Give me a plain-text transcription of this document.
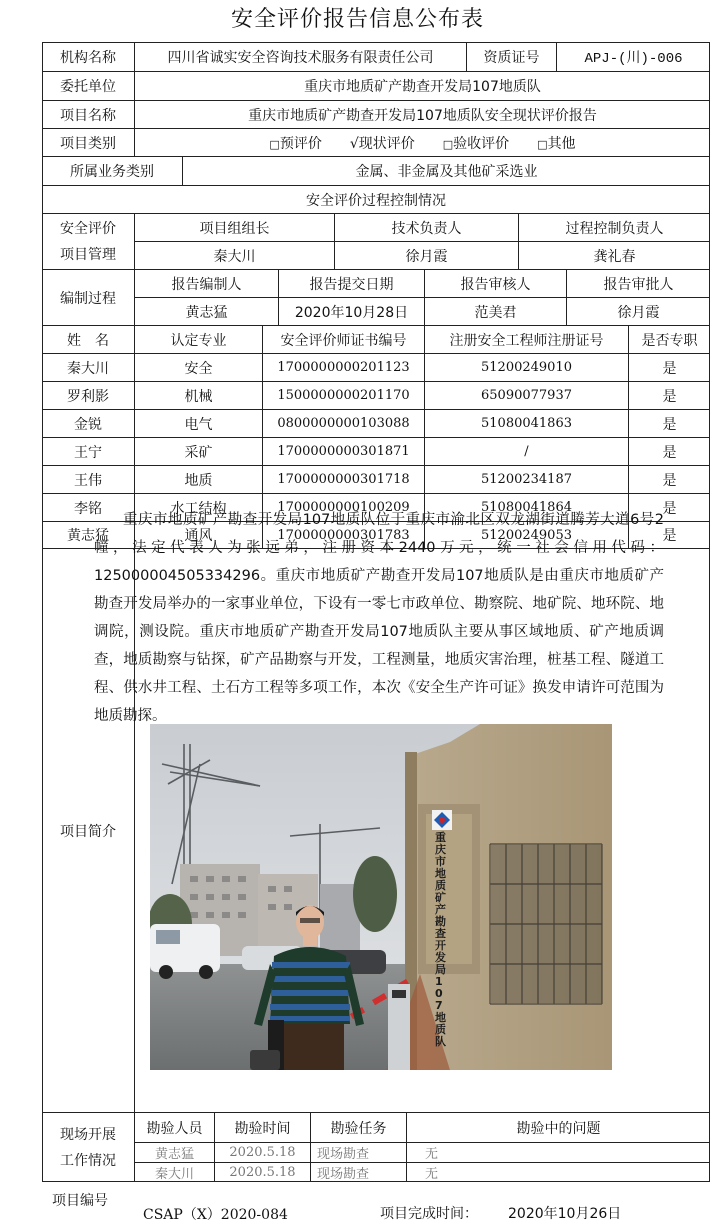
安全评价报告信息公布表
机构名称	四川省诚实安全咨询技术服务有限责任公司	资质证号	APJ-(川)-006
委托单位	重庆市地质矿产勘查开发局107地质队
项目名称	重庆市地质矿产勘查开发局107地质队安全现状评价报告
项目类别	□预评价 √现状评价	□验收评价	□其他
所属业务类别	金属、非金属及其他矿采选业
安全评价过程控制情况
安全评价
项目管理
项目组组长	技术负责人	过程控制负责人
秦大川	徐月霞	龚礼春
编制过程
报告编制人	报告提交日期	报告审核人	报告审批人
黄志猛	2020年10月28日	范美君	徐月霞
姓　名	认定专业	安全评价师证书编号	注册安全工程师注册证号	是否专职
秦大川	安全	1700000000201123	51200249010	是
罗利影	机械	1500000000201170	65090077937	是
金锐	电气	0800000000103088	51080041863	是
王宁	采矿	1700000000301871	/	是
王伟	地质	1700000000301718	51200234187	是
李铭	水工结构	1700000000100209	51080041864	是
黄志猛	通风	1700000000301783	51200249053	是
项目简介
现场开展
工作情况
勘验人员	勘验时间	勘验任务	勘验中的问题
黄志猛	2020.5.18	现场勘查	无
秦大川	2020.5.18	现场勘查	无
重庆市地质矿产勘查开发局107地质队位于重庆市渝北区双龙湖街道腾芳大道6号2幢，法定代表人为张远弟，注册资本2440万元，统一社会信用代码：125000004505334296。重庆市地质矿产勘查开发局107地质队是由重庆市地质矿产勘查开发局举办的一家事业单位，下设有一零七市政单位、勘察院、地矿院、地环院、地调院，测设院。重庆市地质矿产勘查开发局107地质队主要从事区域地质、矿产地质调查，地质勘察与钻探，矿产品勘察与开发，工程测量，地质灾害治理，桩基工程、隧道工程、供水井工程、土石方工程等多项工作，本次《安全生产许可证》换发申请许可范围为地质勘探。
重庆市地质矿产勘查开发局107地质队
项目编号
CSAP（X）2020-084	项目完成时间： 2020年10月26日
